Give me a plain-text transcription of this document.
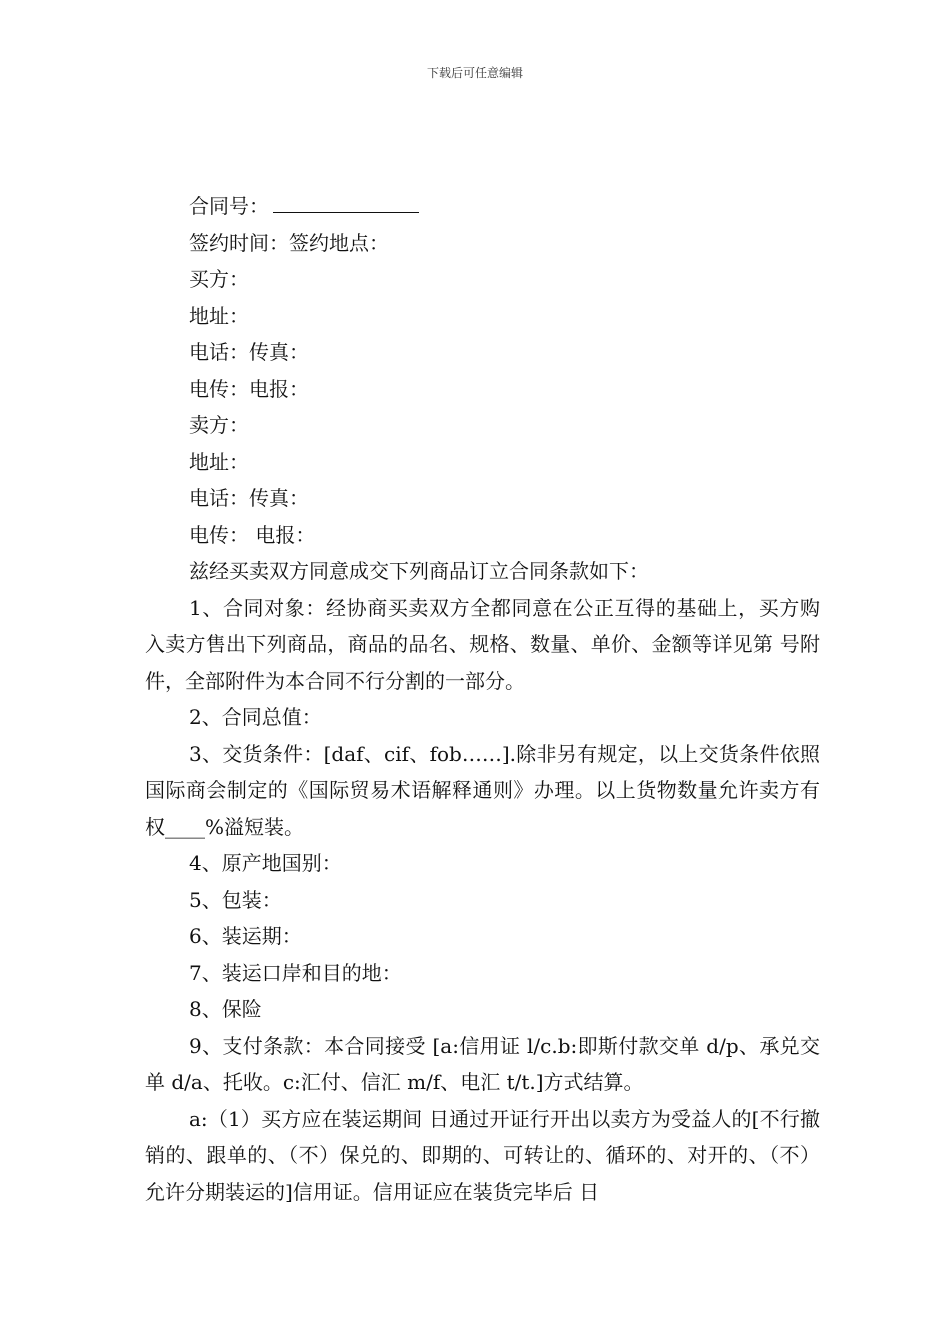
下载后可任意编辑

合同号：

签约时间：签约地点：

买方：

地址：

电话：传真：

电传：电报：

卖方：

地址：

电话：传真：

电传： 电报：

兹经买卖双方同意成交下列商品订立合同条款如下：

1、合同对象：经协商买卖双方全都同意在公正互得的基础上，买方购入卖方售出下列商品，商品的品名、规格、数量、单价、金额等详见第 号附件，全部附件为本合同不行分割的一部分。

2、合同总值：

3、交货条件：[daf、cif、fob……].除非另有规定，以上交货条件依照国际商会制定的《国际贸易术语解释通则》办理。以上货物数量允许卖方有权____%溢短装。

4、原产地国别：

5、包装：

6、装运期：

7、装运口岸和目的地：

8、保险

9、支付条款：本合同接受 [a:信用证 l/c.b:即斯付款交单 d/p、承兑交单 d/a、托收。c:汇付、信汇 m/f、电汇 t/t.]方式结算。

a:（1）买方应在装运期间 日通过开证行开出以卖方为受益人的[不行撤销的、跟单的、（不）保兑的、即期的、可转让的、循环的、对开的、（不）允许分期装运的]信用证。信用证应在装货完毕后 日
